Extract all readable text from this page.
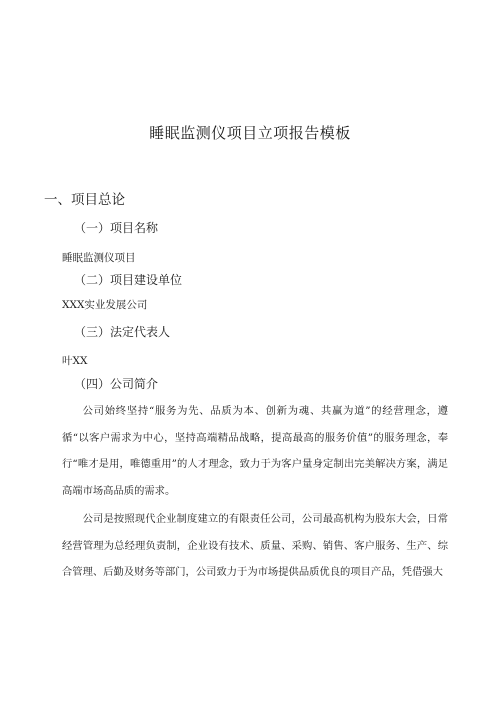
睡眠监测仪项目立项报告模板
一、项目总论
（一）项目名称
睡眠监测仪项目
（二）项目建设单位
XXX实业发展公司
（三）法定代表人
叶XX
（四）公司简介

公司始终坚持“服务为先、品质为本、创新为魂、共赢为道”的经营理念，遵循“以客户需求为中心，坚持高端精品战略，提高最高的服务价值”的服务理念，奉行“唯才是用，唯德重用”的人才理念，致力于为客户量身定制出完美解决方案，满足高端市场高品质的需求。

公司是按照现代企业制度建立的有限责任公司，公司最高机构为股东大会，日常经营管理为总经理负责制，企业设有技术、质量、采购、销售、客户服务、生产、综合管理、后勤及财务等部门，公司致力于为市场提供品质优良的项目产品，凭借强大
